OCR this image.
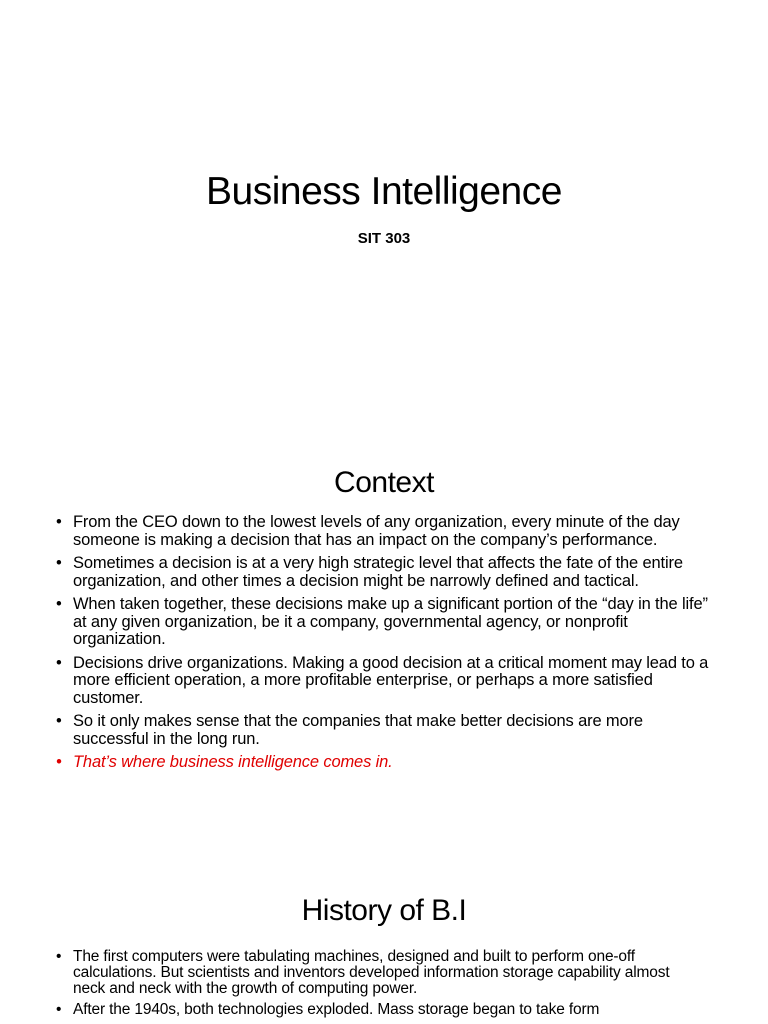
Business Intelligence
SIT 303
Context
• From the CEO down to the lowest levels of any organization, every minute of the day someone is making a decision that has an impact on the company’s performance.
• Sometimes a decision is at a very high strategic level that affects the fate of the entire organization, and other times a decision might be narrowly defined and tactical.
• When taken together, these decisions make up a significant portion of the “day in the life” at any given organization, be it a company, governmental agency, or nonprofit organization.
• Decisions drive organizations. Making a good decision at a critical moment may lead to a more efficient operation, a more profitable enterprise, or perhaps a more satisfied customer.
• So it only makes sense that the companies that make better decisions are more successful in the long run.
• That’s where business intelligence comes in.
History of B.I
• The first computers were tabulating machines, designed and built to perform one-off calculations. But scientists and inventors developed information storage capability almost neck and neck with the growth of computing power.
• After the 1940s, both technologies exploded. Mass storage began to take form
